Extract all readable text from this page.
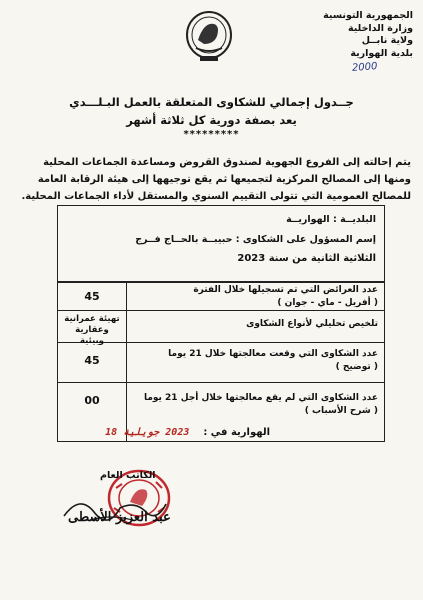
الجمهورية التونسية
وزارة الداخلية
ولاية نابــل
بلدية الهوارية
2000
جــدول إجمالي للشكاوى المتعلقة بالعمل البـلـــدي
يعد بصفة دورية كل ثلاثة أشهر
*********
يتم إحالته إلى الفروع الجهوية لصندوق القروض ومساعدة الجماعات المحلية
ومنها إلى المصالح المركزية لتجميعها ثم يقع توجيهها إلى هيئة الرقابة العامة
للمصالح العمومية التي تتولى التقييم السنوي والمستقل لأداء الجماعات المحلية.
البلديــة : الهواريــة
إسم المسؤول على الشكاوى : حبيبــة بالحــاج فــرج
الثلاثية الثانية من سنة 2023
عدد العرائض التي تم تسجيلها خلال الفترة
( أفريل - ماي - جوان )
45
تلخيص تحليلي لأنواع الشكاوى
تهيئة عمرانية وعقارية
وبيئية
عدد الشكاوى التي وقعت معالجتها خلال 21 يوما
( توضيح )
45
عدد الشكاوى التي لم يقع معالجتها خلال أجل 21 يوما
( شرح الأسباب )
00
الهوارية في :    2023 جويلية 18
الكاتب العام
عبد العزيز الأسطى
